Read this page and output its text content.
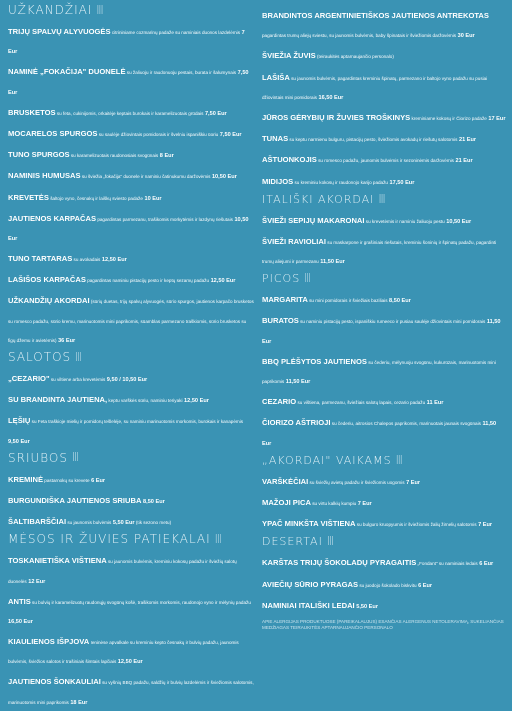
UŽKANDŽIAI |||
TRIJŲ SPALVŲ ALYVUOGĖS citrininiame cozmarinų padaže su naminiais duonos lazdelėmis 7 Eur
NAMINĖ „FOKAČIJA" DUONELĖ su žaliuoju ir raudonuoju pestais, burata ir šalumynais 7,50 Eur
BRUSKETOS su feta, cukinijomis, orkaitėje keptais burokais ir karamelizuotais grūdais 7,50 Eur
MOCARELOS SPURGOS su saulėje džiovintais pomidorais ir švelniu ispaniškiu ūoriu 7,50 Eur
TUNO SPURGOS su karamelizuotais raudonosiais svogūnais 8 Eur
NAMINIS HUMUSAS su šviežia „fokačija" duonele ir naminiu čatinukumu daržovėmis 10,50 Eur
KREVETĖS šaltojo vyno, česnakų ir laiškų sviesto padaže 10 Eur
JAUTIENOS KARPAČAS pagardintas parmezanu, trašikomis morkytėmis ir lazdynų riešutais 10,50 Eur
TUNO TARTARAS su avokadais 12,50 Eur
LAŠIŠOS KARPAČAS pagardintas naminiu pistacijų pesto ir keptų sezamų padažu 12,50 Eur
UŽKANDŽIŲ AKORDAI (sūrių duetas, trijų spalvų alyvuogės, sūrio spurgos, jautienos karpačo brusketos su romesco padažu, sūrio kremu, marinuotomis mini paprikomis, sūamblas parmezano traškiomis, sūrio brusketos su figų džemu ir avietėmis) 36 Eur
SALOTOS |||
„CEZARIO" su viltiene arba krevetėmis 9,50 / 10,50 Eur
SU BRANDINTA JAUTIENA, keptu varškės sūriu, naminiu teriyaki 12,50 Eur
LĘŠIŲ su Feta traškioje mielių ir pomidorų tešlelėje, su naminiu marinuotomis morkomis, burokais ir kanapėmis 9,50 Eur
SRIUBOS |||
KREMINĖ pastarnokų su krevete 6 Eur
BURGUNDIŠKA JAUTIENOS SRIUBA 8,50 Eur
ŠALTIBARŠČIAI su jaunomis bulvėmis 5,50 Eur (tik sezono metu)
MĖSOS IR ŽUVIES PATIEKALAI |||
TOSKANIETIŠKA VIŠTIENA su jaunomis bulvėmis, kreminiu kokosų padažu ir šviežių salotų duonelės 12 Eur
ANTIS su bulvių ir karamelizuotų raudonųjų svogūnų košė, trašikomis morkomis, raudonojo vyno ir mėlynių padažu 16,50 Eur
KIAULIENOS IŠPJOVA Ieninėse apvalkale su kreminiu kepto česnakų ir bulvių padažu, jaunomis bulvėmis, šviežios salotos ir trašiniais šimtais lapčiais 12,50 Eur
JAUTIENOS ŠONKAULIAI su vyšnių BBQ padažu, saldžių ir bulvių lazdelėmis ir šviežiomis salotomis, marinuotomis mini paprikomis 18 Eur
BRANDINTOS ARGENTINIETIŠKOS JAUTIENOS ANTREKOTAS pagardintas trumų aliejų sviestu, su jaunomis bulvėmis, baby špinatais ir šviežiomis daržovėmis 30 Eur
ŠVIEŽIA ŽUVIS (teiraukitės aptarnaujančio personalo)
LAŠIŠA su jaunomis bulvėmis, pagardintas kreminiu špinatų, parmezano ir baltojo vyno padažu su pusiai džiovintais mini pomidorais 16,50 Eur
JŪROS GĖRYBIŲ IR ŽUVIES TROŠKINYS kreminiame kokosų ir Čiorizo padaže 17 Eur
TUNAS su keptu narmienu bulguru, pistacijų pesto, šviežiomis avokadų ir riešutų salotomis 21 Eur
AŠTUONKOJIS su romesco padažu, jaunomis bulvėmis ir sezoninėmis daržovėmis 21 Eur
MIDIJOS su kreminiu kokosų ir raudonojo karijo padažu 17,50 Eur
ITALIŠKI AKORDAI |||
ŠVIEŽI SEPIJŲ MAKARONAI su krevetėmis ir naminiu žaliuoju pestu 10,50 Eur
ŠVIEŽI RAVIOLIAI su maskarpone ir grašiniais riešutais, kreminiu šoninių ir špinatų padažu, pagardinti trumų aliejumi ir parmezanu 11,50 Eur
PICOS |||
MARGARITA su mini pomidorais ir šviežiais baziliais 8,50 Eur
BURATOS su naminiu pistacijų pesto, ispaniškiu rumeeco ir pusiau saulėje džiovintais mini pomidorais 11,50 Eur
BBQ PLĖŠYTOS JAUTIENOS su čederiu, mėlynuoju svogūnu, kukurūzais, marinuotomis mini paprikomis 11,50 Eur
CEZARIO su vištiena, parmezanu, šviežiais salotų lapais, cezario padažu 11 Eur
ČIORIZO AŠTRIOJI su čederiu, aitrosios Chalepos paprikomis, marinuotais jaunais svogūnais 11,50 Eur
„AKORDAI" VAIKAMS |||
VARŠKĖČIAI su šviežių avietų padažu ir šviežiomis uogomis 7 Eur
MAŽOJI PICA su virtu kalkių kumpiu 7 Eur
YPAČ MINKŠTA VIŠTIENA su bulguro kruopyumis ir šviežiomis žalių žirnelių salotomis 7 Eur
DESERTAI |||
KARŠTAS TRIJŲ ŠOKOLADŲ PYRAGAITIS „Fondant" su naminiais ledais 6 Eur
AVIEČIŲ SŪRIO PYRAGAS su juodojo šokolado biskvitu 6 Eur
NAMINIAI ITALIŠKI LEDAI 5,50 Eur
APIE ALERGIJAS PRODUKTUOSE (PAREIKALAUJUS) ESANČIAS ALERGENUS NETOLERAVIMĄ, SUKELIANČIAS MEDŽIAGAS TEIRAUKITĖS APTARNAUJANČIO PERSONALO
